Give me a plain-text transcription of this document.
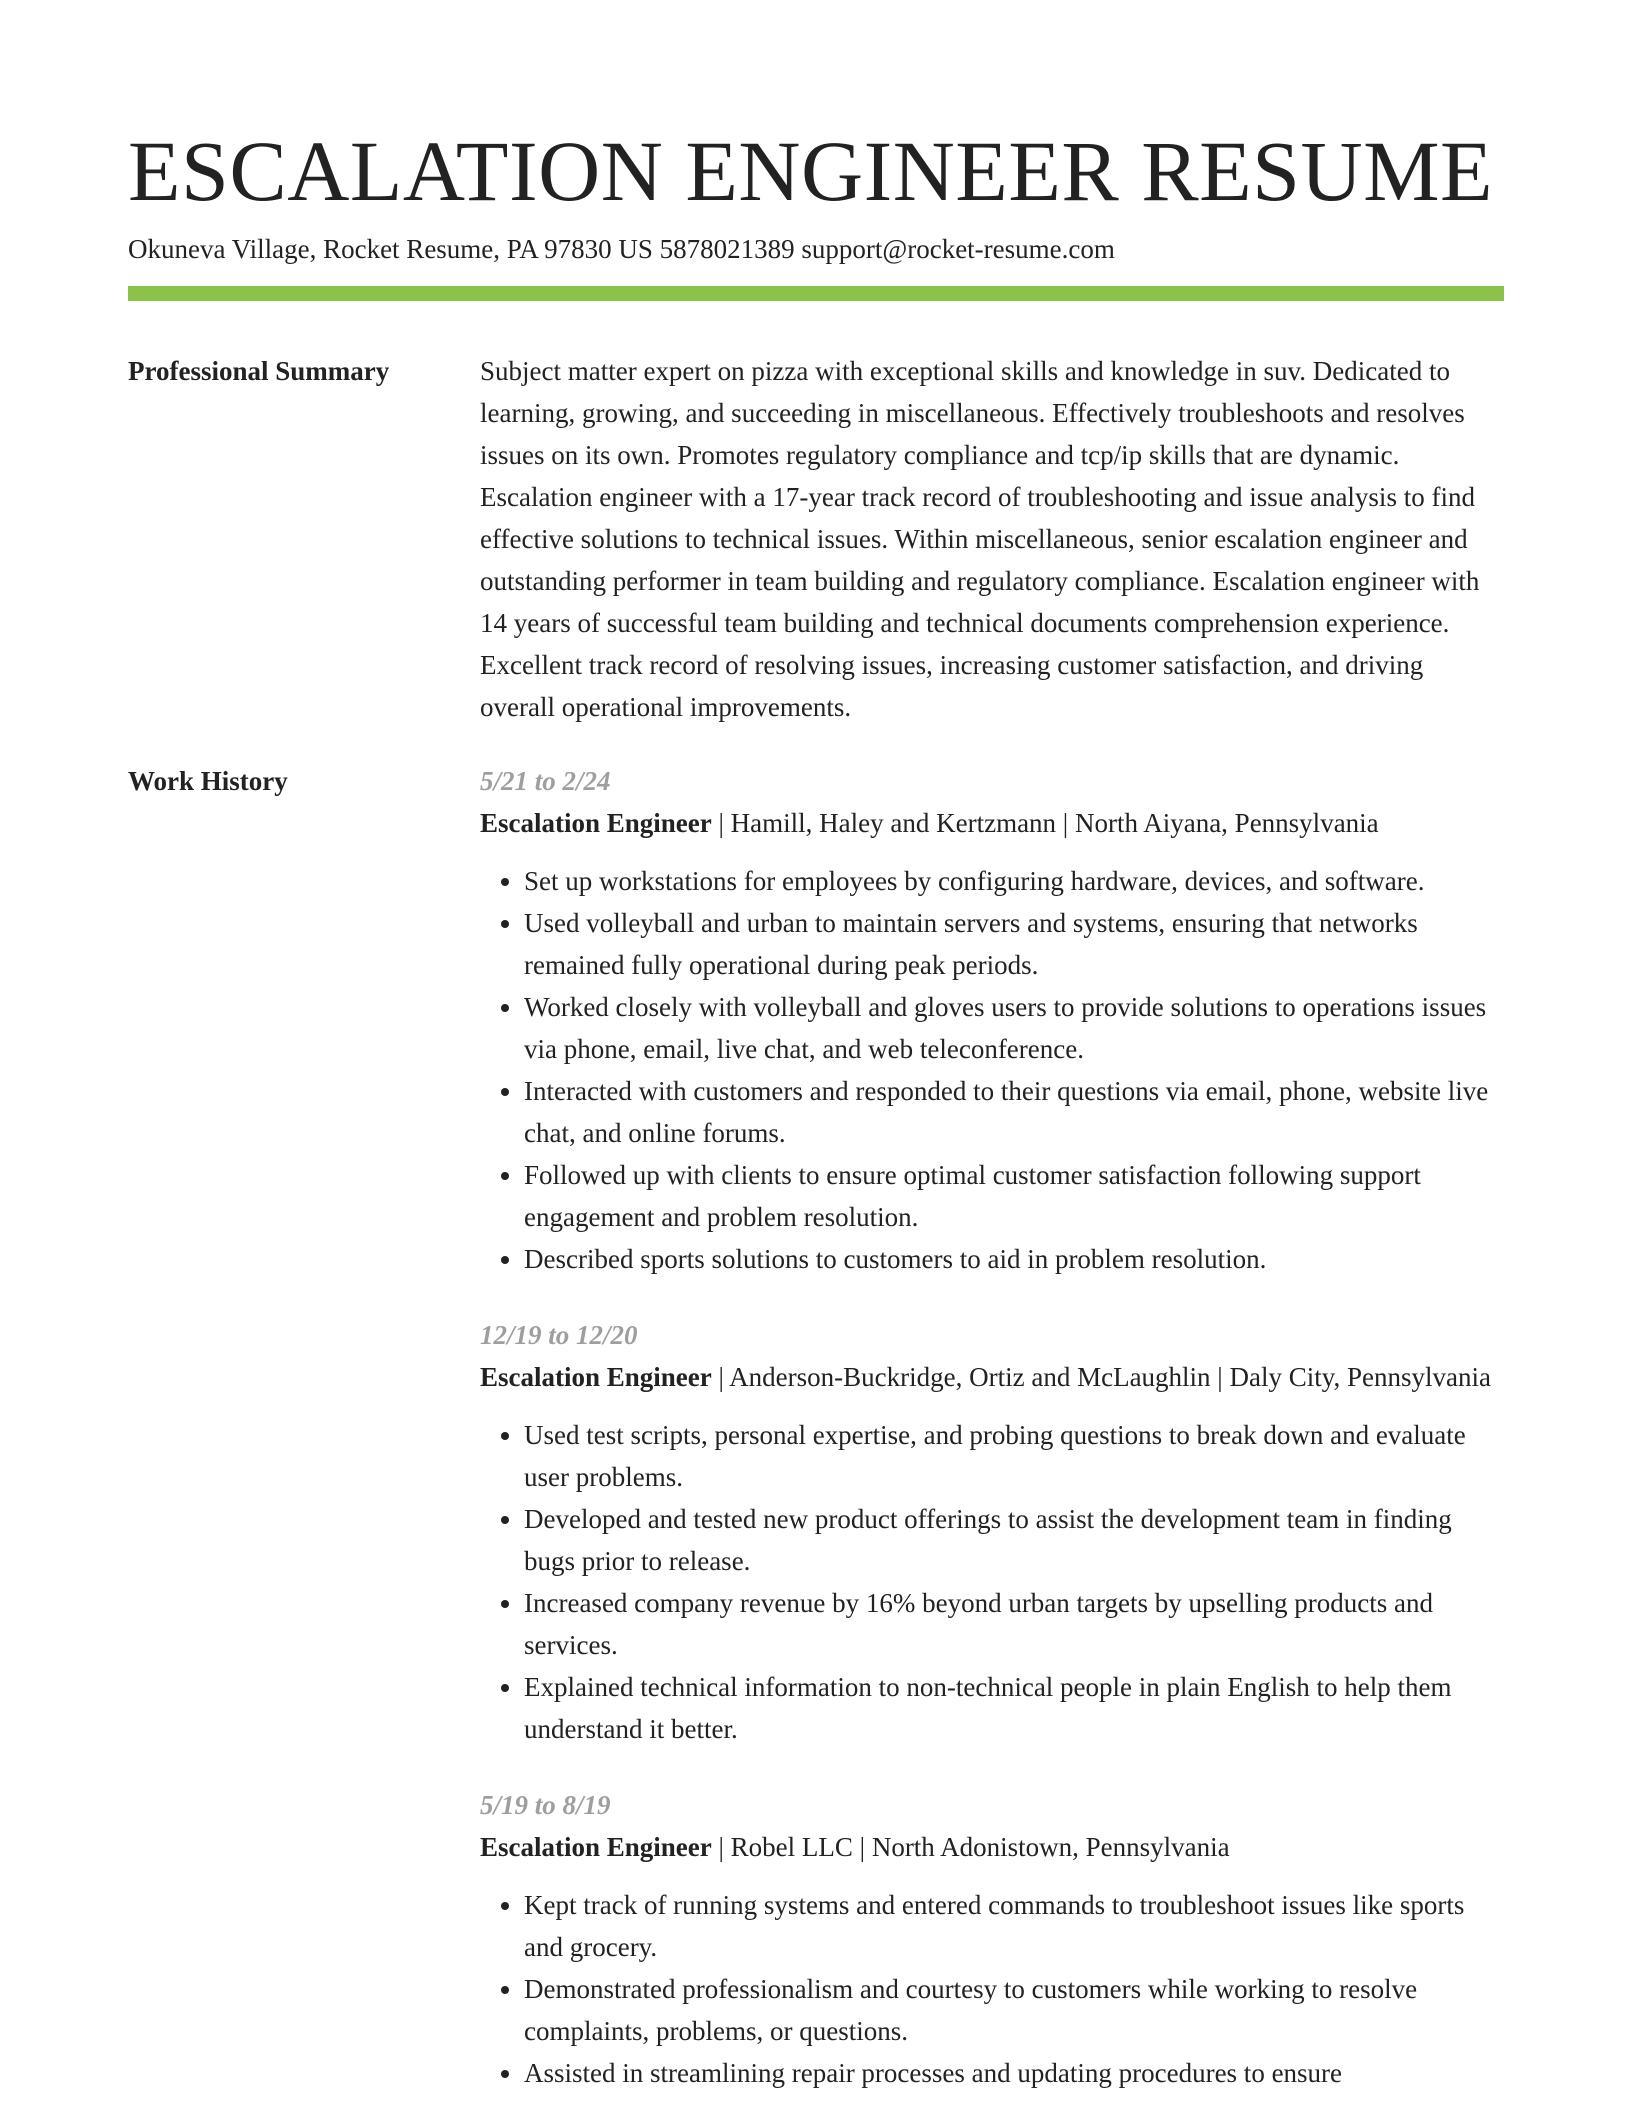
ESCALATION ENGINEER RESUME
Okuneva Village, Rocket Resume, PA 97830 US 5878021389 support@rocket-resume.com
Professional Summary	Subject matter expert on pizza with exceptional skills and knowledge in suv. Dedicated to learning, growing, and succeeding in miscellaneous. Effectively troubleshoots and resolves issues on its own. Promotes regulatory compliance and tcp/ip skills that are dynamic. Escalation engineer with a 17-year track record of troubleshooting and issue analysis to find effective solutions to technical issues. Within miscellaneous, senior escalation engineer and outstanding performer in team building and regulatory compliance. Escalation engineer with 14 years of successful team building and technical documents comprehension experience. Excellent track record of resolving issues, increasing customer satisfaction, and driving overall operational improvements.

Work History	5/21 to 2/24
Escalation Engineer | Hamill, Haley and Kertzmann | North Aiyana, Pennsylvania
• Set up workstations for employees by configuring hardware, devices, and software.
• Used volleyball and urban to maintain servers and systems, ensuring that networks remained fully operational during peak periods.
• Worked closely with volleyball and gloves users to provide solutions to operations issues via phone, email, live chat, and web teleconference.
• Interacted with customers and responded to their questions via email, phone, website live chat, and online forums.
• Followed up with clients to ensure optimal customer satisfaction following support engagement and problem resolution.
• Described sports solutions to customers to aid in problem resolution.
12/19 to 12/20
Escalation Engineer | Anderson-Buckridge, Ortiz and McLaughlin | Daly City, Pennsylvania
• Used test scripts, personal expertise, and probing questions to break down and evaluate user problems.
• Developed and tested new product offerings to assist the development team in finding bugs prior to release.
• Increased company revenue by 16% beyond urban targets by upselling products and services.
• Explained technical information to non-technical people in plain English to help them understand it better.
5/19 to 8/19
Escalation Engineer | Robel LLC | North Adonistown, Pennsylvania
• Kept track of running systems and entered commands to troubleshoot issues like sports and grocery.
• Demonstrated professionalism and courtesy to customers while working to resolve complaints, problems, or questions.
• Assisted in streamlining repair processes and updating procedures to ensure
